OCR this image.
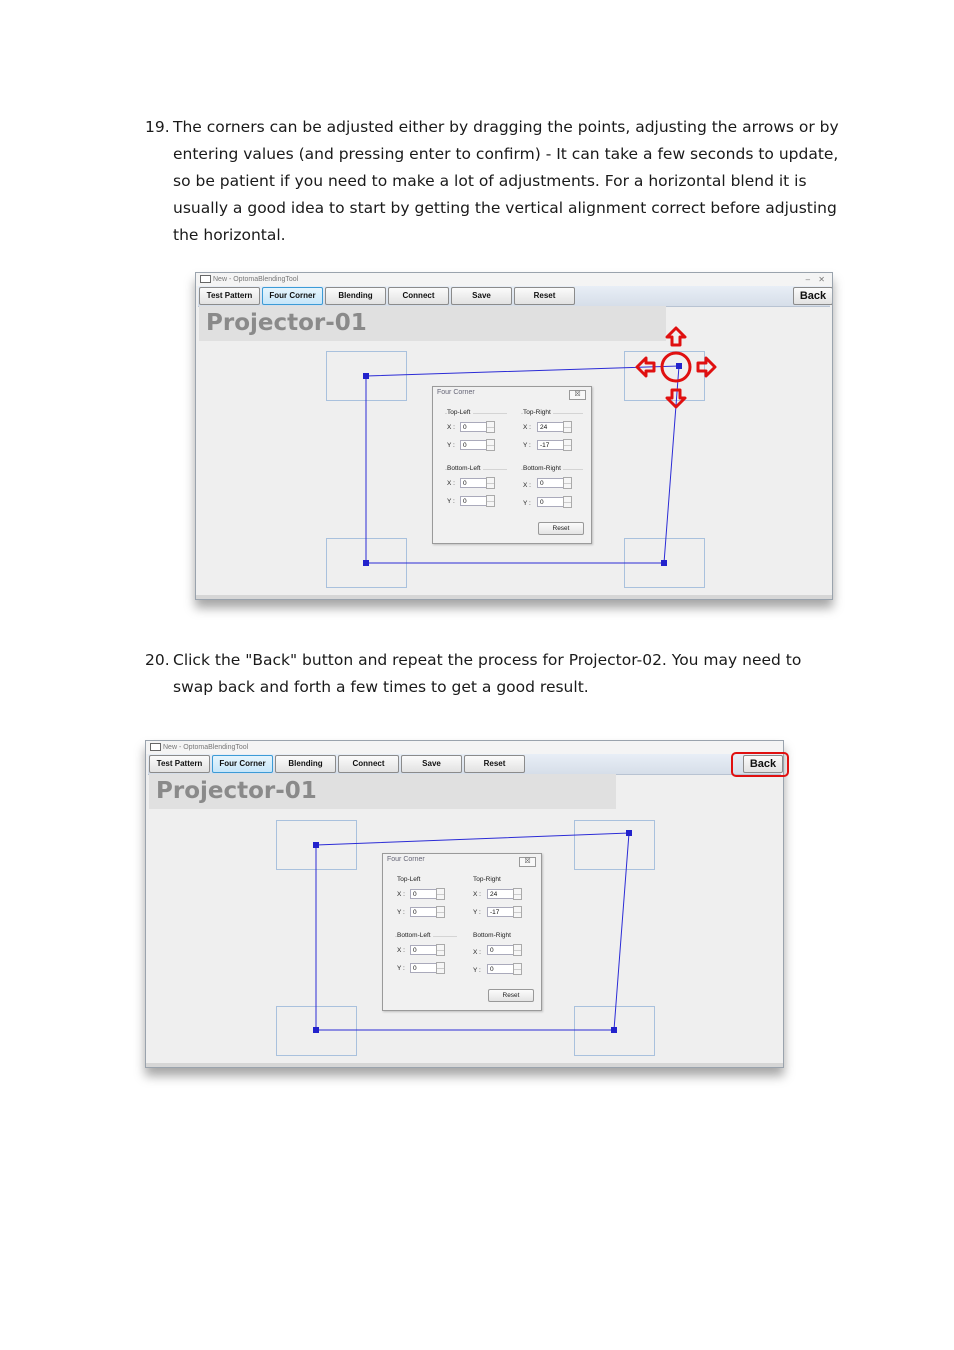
19. The corners can be adjusted either by dragging the points, adjusting the arrows or by entering values (and pressing enter to confirm) - It can take a few seconds to update, so be patient if you need to make a lot of adjustments. For a horizontal blend it is usually a good idea to start by getting the vertical alignment correct before adjusting the horizontal.
New - OptomaBlendingTool	– ✕
Test Pattern	Four Corner	Blending	Connect	Save	Reset	Back
Projector-01
Four Corner	☒
Top-Left
X :	0
Y :	0
Top-Right
X :	24
Y :	-17
Bottom-Left
X :	0
Y :	0
Bottom-Right
X :	0
Y :	0
Reset
20. Click the "Back" button and repeat the process for Projector-02. You may need to swap back and forth a few times to get a good result.
New - OptomaBlendingTool
Test Pattern	Four Corner	Blending	Connect	Save	Reset	Back
Projector-01
Four Corner	☒
Top-Left
X :	0
Y :	0
Top-Right
X :	24
Y :	-17
Bottom-Left
X :	0
Y :	0
Bottom-Right
X :	0
Y :	0
Reset
